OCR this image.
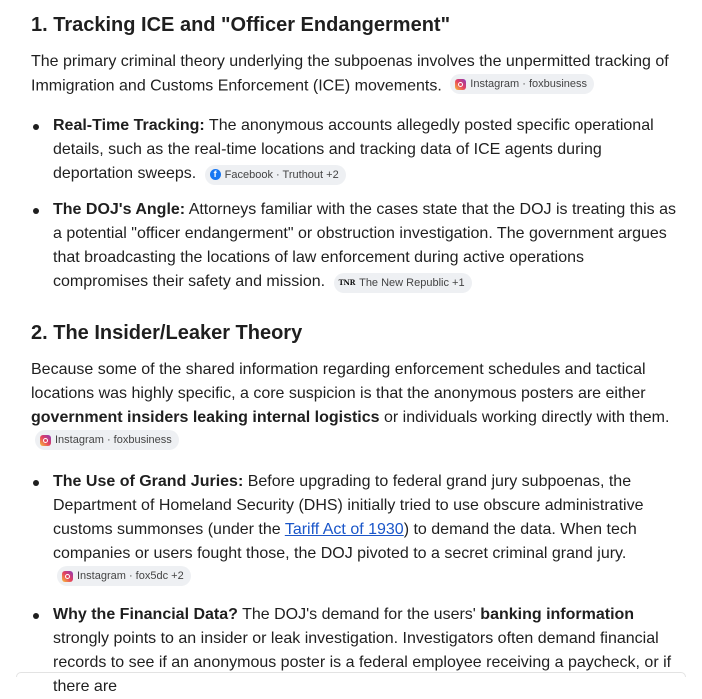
1. Tracking ICE and "Officer Endangerment"

The primary criminal theory underlying the subpoenas involves the unpermitted tracking of Immigration and Customs Enforcement (ICE) movements.	Instagram · foxbusiness

Real-Time Tracking: The anonymous accounts allegedly posted specific operational details, such as the real-time locations and tracking data of ICE agents during deportation sweeps.	f Facebook · Truthout +2
The DOJ's Angle: Attorneys familiar with the cases state that the DOJ is treating this as a potential "officer endangerment" or obstruction investigation. The government argues that broadcasting the locations of law enforcement during active operations compromises their safety and mission. TNR The New Republic +1
2. The Insider/Leaker Theory

Because some of the shared information regarding enforcement schedules and tactical locations was highly specific, a core suspicion is that the anonymous posters are either government insiders leaking internal logistics or individuals working directly with them.
Instagram · foxbusiness

The Use of Grand Juries: Before upgrading to federal grand jury subpoenas, the Department of Homeland Security (DHS) initially tried to use obscure administrative customs summonses (under the Tariff Act of 1930) to demand the data. When tech companies or users fought those, the DOJ pivoted to a secret criminal grand jury.
Instagram · fox5dc +2
Why the Financial Data? The DOJ's demand for the users' banking information strongly points to an insider or leak investigation. Investigators often demand financial records to see if an anonymous poster is a federal employee receiving a paycheck, or if there are
